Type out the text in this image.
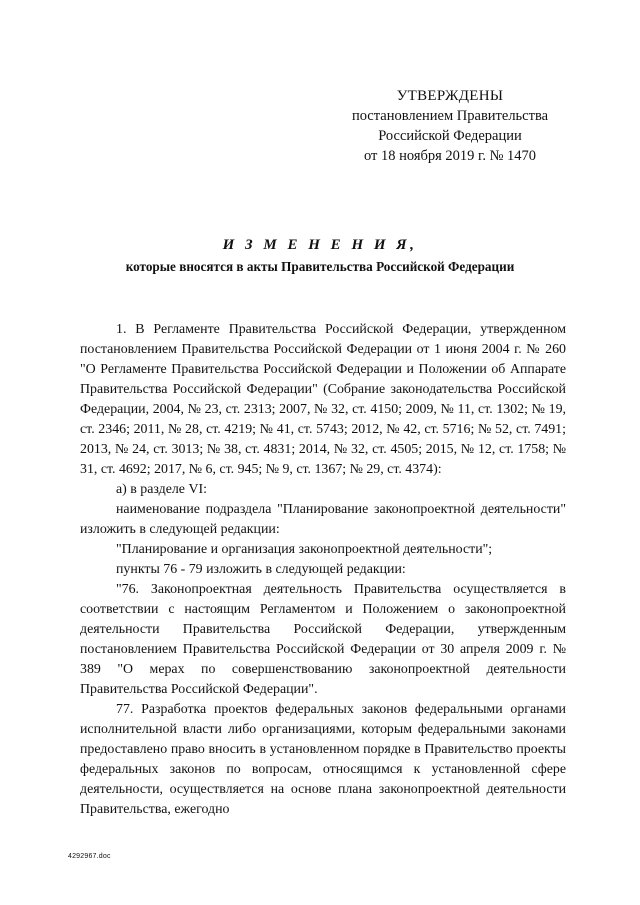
УТВЕРЖДЕНЫ
постановлением Правительства
Российской Федерации
от 18 ноября 2019 г. № 1470
И З М Е Н Е Н И Я,
которые вносятся в акты Правительства Российской Федерации

1. В Регламенте Правительства Российской Федерации, утвержденном постановлением Правительства Российской Федерации от 1 июня 2004 г. № 260 "О Регламенте Правительства Российской Федерации и Положении об Аппарате Правительства Российской Федерации" (Собрание законодательства Российской Федерации, 2004, № 23, ст. 2313; 2007, № 32, ст. 4150; 2009, № 11, ст. 1302; № 19, ст. 2346; 2011, № 28, ст. 4219; № 41, ст. 5743; 2012, № 42, ст. 5716; № 52, ст. 7491; 2013, № 24, ст. 3013; № 38, ст. 4831; 2014, № 32, ст. 4505; 2015, № 12, ст. 1758; № 31, ст. 4692; 2017, № 6, ст. 945; № 9, ст. 1367; № 29, ст. 4374):

а) в разделе VI:

наименование подраздела "Планирование законопроектной деятельности" изложить в следующей редакции:

"Планирование и организация законопроектной деятельности";

пункты 76 - 79 изложить в следующей редакции:

"76. Законопроектная деятельность Правительства осуществляется в соответствии с настоящим Регламентом и Положением о законопроектной деятельности Правительства Российской Федерации, утвержденным постановлением Правительства Российской Федерации от 30 апреля 2009 г. № 389 "О мерах по совершенствованию законопроектной деятельности Правительства Российской Федерации".

77. Разработка проектов федеральных законов федеральными органами исполнительной власти либо организациями, которым федеральными законами предоставлено право вносить в установленном порядке в Правительство проекты федеральных законов по вопросам, относящимся к установленной сфере деятельности, осуществляется на основе плана законопроектной деятельности Правительства, ежегодно

4292967.doc
